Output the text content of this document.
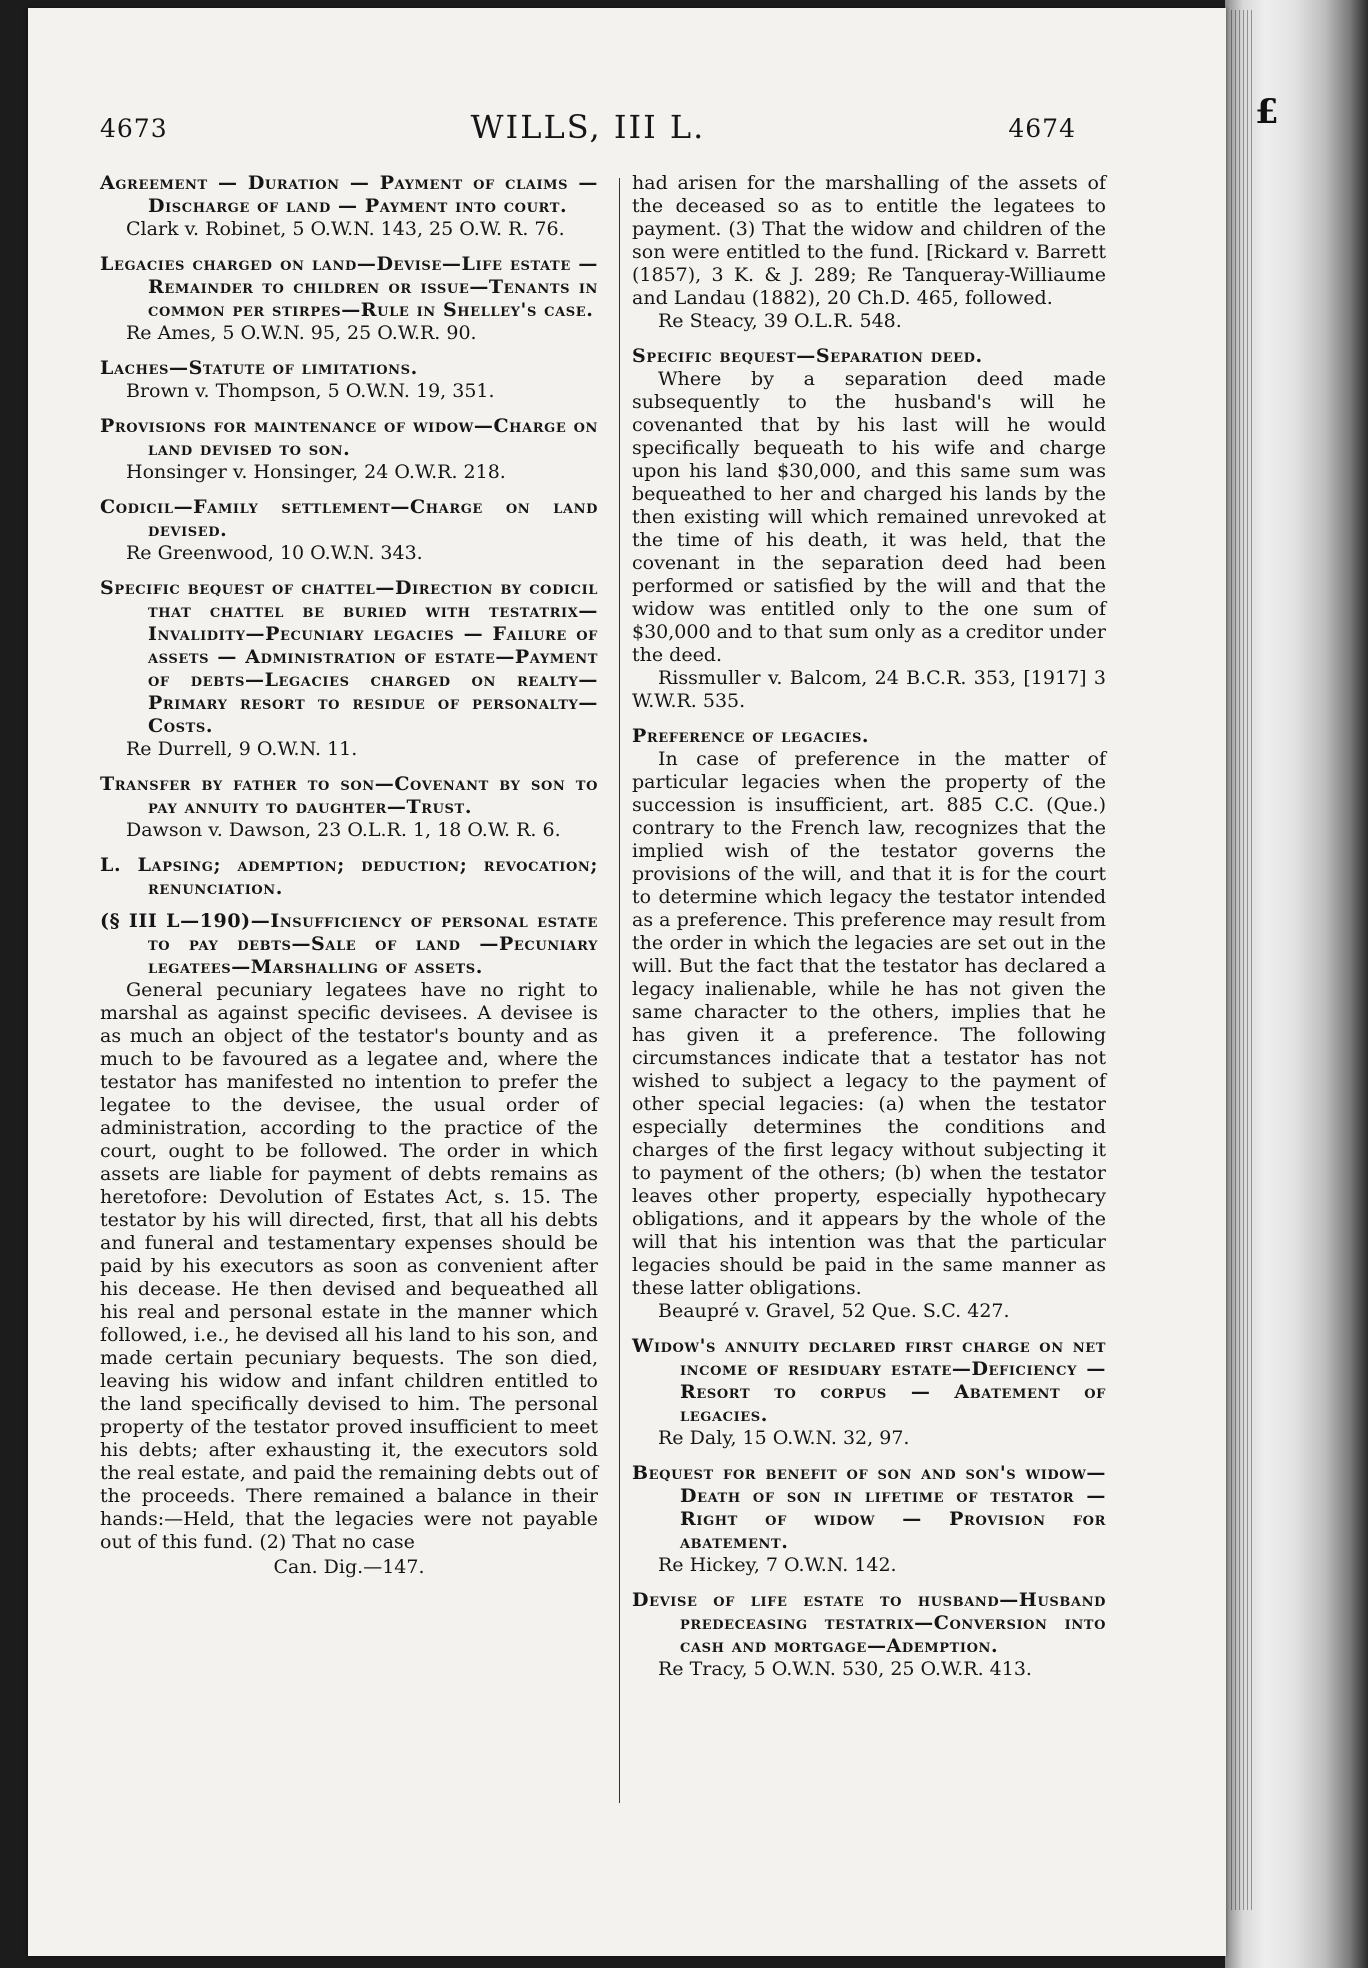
£
4673	WILLS, III L.	4674

Agreement — Duration — Payment of claims — Discharge of land — Payment into court.

Clark v. Robinet, 5 O.W.N. 143, 25 O.W. R. 76.

Legacies charged on land—Devise—Life estate — Remainder to children or issue—Tenants in common per stirpes—Rule in Shelley's case.

Re Ames, 5 O.W.N. 95, 25 O.W.R. 90.

Laches—Statute of limitations.

Brown v. Thompson, 5 O.W.N. 19, 351.

Provisions for maintenance of widow—Charge on land devised to son.

Honsinger v. Honsinger, 24 O.W.R. 218.

Codicil—Family settlement—Charge on land devised.

Re Greenwood, 10 O.W.N. 343.

Specific bequest of chattel—Direction by codicil that chattel be buried with testatrix—Invalidity—Pecuniary legacies — Failure of assets — Administration of estate—Payment of debts—Legacies charged on realty—Primary resort to residue of personalty—Costs.

Re Durrell, 9 O.W.N. 11.

Transfer by father to son—Covenant by son to pay annuity to daughter—Trust.

Dawson v. Dawson, 23 O.L.R. 1, 18 O.W. R. 6.

L. Lapsing; ademption; deduction; revocation; renunciation.

(§ III L—190)—Insufficiency of personal estate to pay debts—Sale of land —Pecuniary legatees—Marshalling of assets.

General pecuniary legatees have no right to marshal as against specific devisees. A devisee is as much an object of the testator's bounty and as much to be favoured as a legatee and, where the testator has manifested no intention to prefer the legatee to the devisee, the usual order of administration, according to the practice of the court, ought to be followed. The order in which assets are liable for payment of debts remains as heretofore: Devolution of Estates Act, s. 15. The testator by his will directed, first, that all his debts and funeral and testamentary expenses should be paid by his executors as soon as convenient after his decease. He then devised and bequeathed all his real and personal estate in the manner which followed, i.e., he devised all his land to his son, and made certain pecuniary bequests. The son died, leaving his widow and infant children entitled to the land specifically devised to him. The personal property of the testator proved insufficient to meet his debts; after exhausting it, the executors sold the real estate, and paid the remaining debts out of the proceeds. There remained a balance in their hands:—Held, that the legacies were not payable out of this fund. (2) That no case

Can. Dig.—147.

had arisen for the marshalling of the assets of the deceased so as to entitle the legatees to payment. (3) That the widow and children of the son were entitled to the fund. [Rickard v. Barrett (1857), 3 K. & J. 289; Re Tanqueray-Williaume and Landau (1882), 20 Ch.D. 465, followed.

Re Steacy, 39 O.L.R. 548.

Specific bequest—Separation deed.

Where by a separation deed made subsequently to the husband's will he covenanted that by his last will he would specifically bequeath to his wife and charge upon his land $30,000, and this same sum was bequeathed to her and charged his lands by the then existing will which remained unrevoked at the time of his death, it was held, that the covenant in the separation deed had been performed or satisfied by the will and that the widow was entitled only to the one sum of $30,000 and to that sum only as a creditor under the deed.

Rissmuller v. Balcom, 24 B.C.R. 353, [1917] 3 W.W.R. 535.

Preference of legacies.

In case of preference in the matter of particular legacies when the property of the succession is insufficient, art. 885 C.C. (Que.) contrary to the French law, recognizes that the implied wish of the testator governs the provisions of the will, and that it is for the court to determine which legacy the testator intended as a preference. This preference may result from the order in which the legacies are set out in the will. But the fact that the testator has declared a legacy inalienable, while he has not given the same character to the others, implies that he has given it a preference. The following circumstances indicate that a testator has not wished to subject a legacy to the payment of other special legacies: (a) when the testator especially determines the conditions and charges of the first legacy without subjecting it to payment of the others; (b) when the testator leaves other property, especially hypothecary obligations, and it appears by the whole of the will that his intention was that the particular legacies should be paid in the same manner as these latter obligations.

Beaupré v. Gravel, 52 Que. S.C. 427.

Widow's annuity declared first charge on net income of residuary estate—Deficiency — Resort to corpus — Abatement of legacies.

Re Daly, 15 O.W.N. 32, 97.

Bequest for benefit of son and son's widow—Death of son in lifetime of testator — Right of widow — Provision for abatement.

Re Hickey, 7 O.W.N. 142.

Devise of life estate to husband—Husband predeceasing testatrix—Conversion into cash and mortgage—Ademption.

Re Tracy, 5 O.W.N. 530, 25 O.W.R. 413.
